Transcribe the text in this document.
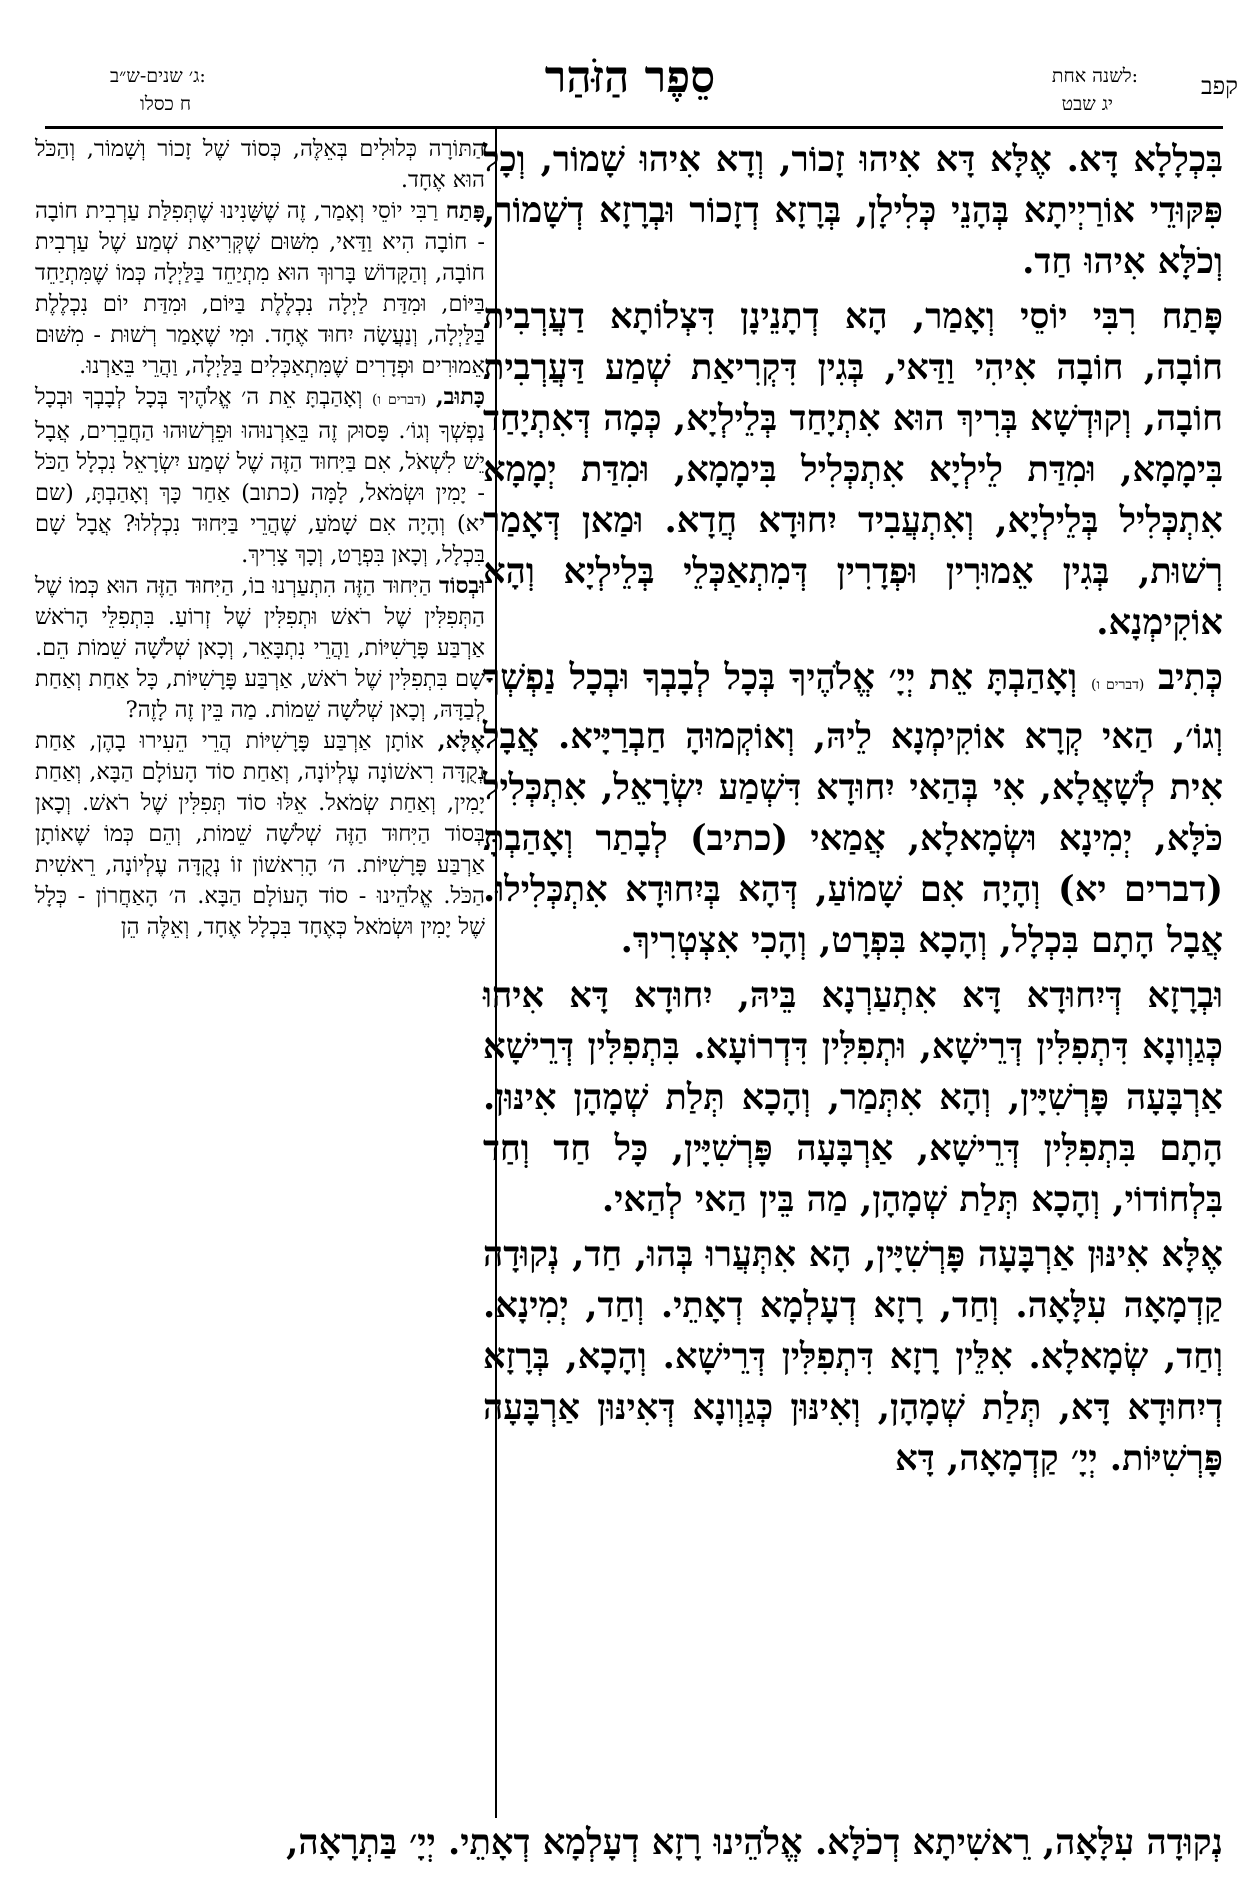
קפב
לשנה אחת:
יג שבט
סֵפֶר הַזֹּהַר
ג׳ שנים-ש״ב:
ח כסלו

בִּכְלָלָא דָּא. אֶלָּא דָּא אִיהוּ זָכוֹר, וְדָא אִיהוּ שָׁמוֹר, וְכָל פִּקּוּדֵי אוֹרַיְיתָא בְּהָנֵי כְּלִילָן, בְּרָזָא דְזָכוֹר וּבְרָזָא דְשָׁמוֹר, וְכֹלָּא אִיהוּ חַד.

פָּתַח רִבִּי יוֹסֵי וְאָמַר, הָא דְתָנֵינָן דִּצְלוֹתָא דַעֲרְבִית חוֹבָה, חוֹבָה אִיהִי וַדַּאי, בְּגִין דִּקְרִיאַת שְׁמַע דַּעֲרְבִית חוֹבָה, וְקוּדְשָׁא בְּרִיךְ הוּא אִתְיָחַד בְּלֵילְיָא, כְּמָה דְּאִתְיָחַד בִּימָמָא, וּמִדַּת לֵילְיָא אִתְכְּלִיל בִּימָמָא, וּמִדַּת יְמָמָא אִתְכְּלִיל בְּלֵילְיָא, וְאִתְעֲבִיד יִחוּדָא חֲדָא. וּמַאן דְּאָמַר רְשׁוּת, בְּגִין אֵמוּרִין וּפְדָרִין דְּמִתְאַכְּלֵי בְּלֵילְיָא וְהָא אוֹקִימְנָא.

כְּתִיב (דברים ו) וְאָהַבְתָּ אֵת יְיָ׳ אֱלֹהֶיךָ בְּכָל לְבָבְךָ וּבְכָל נַפְשְׁךָ וְגוֹ׳, הַאי קְרָא אוֹקִימְנָא לֵיהּ, וְאוֹקְמוּהָ חַבְרַיָּיא. אֲבָל אִית לְשָׁאֲלָא, אִי בְּהַאי יִחוּדָא דִּשְׁמַע יִשְׂרָאֵל, אִתְכְּלִיל כֹּלָּא, יְמִינָא וּשְׂמָאלָא, אֲמַאי (כתיב) לְבָתַר וְאָהַבְתָּ (דברים יא) וְהָיָה אִם שָׁמוֹעַ, דְּהָא בְּיִחוּדָא אִתְכְּלִילוּ. אֲבָל הָתָם בִּכְלָל, וְהָכָא בִּפְרָט, וְהָכִי אִצְטְרִיךְ.

וּבְרָזָא דְּיִחוּדָא דָּא אִתְעַרְנָא בֵּיהּ, יִחוּדָא דָּא אִיהוּ כְּגַוְונָא דִּתְפִלִּין דְּרֵישָׁא, וּתְפִלִּין דִּדְרוֹעָא. בִּתְפִלִּין דְּרֵישָׁא אַרְבָּעָה פָּרְשִׁיָּין, וְהָא אִתְּמַר, וְהָכָא תְּלַת שְׁמָהָן אִינּוּן. הָתָם בִּתְפִלִּין דְּרֵישָׁא, אַרְבָּעָה פָּרְשִׁיָּין, כָּל חַד וְחַד בִּלְחוֹדוֹי, וְהָכָא תְּלַת שְׁמָהָן, מַה בֵּין הַאי לְהַאי.

אֶלָּא אִינּוּן אַרְבָּעָה פָּרְשִׁיָּין, הָא אִתְּעֲרוּ בְּהוּ, חַד, נְקוּדָה קַדְמָאָה עִלָּאָה. וְחַד, רָזָא דְעָלְמָא דְאָתֵי. וְחַד, יְמִינָא. וְחַד, שְׂמָאלָא. אִלֵּין רָזָא דִּתְפִלִּין דְּרֵישָׁא. וְהָכָא, בְּרָזָא דְיִחוּדָא דָּא, תְּלַת שְׁמָהָן, וְאִינּוּן כְּגַוְונָא דְּאִינּוּן אַרְבָּעָה פָּרְשִׁיּוֹת. יְיָ׳ קַדְמָאָה, דָּא

הַתּוֹרָה כְּלוּלִים בְּאֵלֶּה, כְּסוֹד שֶׁל זָכוֹר וְשָׁמוֹר, וְהַכֹּל הוּא אֶחָד.

פָּתַח רַבִּי יוֹסֵי וְאָמַר, זֶה שֶׁשָּׁנִינוּ שֶׁתְּפִלַּת עַרְבִית חוֹבָה - חוֹבָה הִיא וַדַּאי, מִשּׁוּם שֶׁקְּרִיאַת שְׁמַע שֶׁל עַרְבִית חוֹבָה, וְהַקָּדוֹשׁ בָּרוּךְ הוּא מִתְיַחֵד בַּלַּיְלָה כְּמוֹ שֶׁמִּתְיַחֵד בַּיּוֹם, וּמִדַּת לַיְלָה נִכְלֶלֶת בַּיּוֹם, וּמִדַּת יוֹם נִכְלֶלֶת בַּלַּיְלָה, וְנַעֲשָׂה יִחוּד אֶחָד. וּמִי שֶׁאָמַר רְשׁוּת - מִשּׁוּם אֵמוּרִים וּפְדָרִים שֶׁמִּתְאַכְּלִים בַּלַּיְלָה, וַהֲרֵי בֵּאַרְנוּ.

כָּתוּב, (דברים ו) וְאָהַבְתָּ אֵת ה׳ אֱלֹהֶיךָ בְּכָל לְבָבְךָ וּבְכָל נַפְשְׁךָ וְגוֹ׳. פָּסוּק זֶה בֵּאַרְנוּהוּ וּפֵרְשׁוּהוּ הַחֲבֵרִים, אֲבָל יֵשׁ לִשְׁאֹל, אִם בַּיִּחוּד הַזֶּה שֶׁל שְׁמַע יִשְׂרָאֵל נִכְלָל הַכֹּל - יָמִין וּשְׂמֹאל, לָמָּה (כתוב) אַחַר כָּךְ וְאָהַבְתָּ, (שם יא) וְהָיָה אִם שָׁמֹעַ, שֶׁהֲרֵי בַּיִּחוּד נִכְלְלוּ? אֲבָל שָׁם בִּכְלָל, וְכָאן בִּפְרָט, וְכָךְ צָרִיךְ.

וּבְסוֹד הַיִּחוּד הַזֶּה הִתְעַרְנוּ בוֹ, הַיִּחוּד הַזֶּה הוּא כְּמוֹ שֶׁל הַתְּפִלִּין שֶׁל רֹאשׁ וּתְפִלִּין שֶׁל זְרוֹעַ. בִּתְפִלֵּי הָרֹאשׁ אַרְבַּע פָּרָשִׁיּוֹת, וַהֲרֵי נִתְבָּאֵר, וְכָאן שְׁלֹשָׁה שֵׁמוֹת הֵם. שָׁם בִּתְפִלִּין שֶׁל רֹאשׁ, אַרְבַּע פָּרָשִׁיּוֹת, כָּל אַחַת וְאַחַת לְבַדָּהּ, וְכָאן שְׁלֹשָׁה שֵׁמוֹת. מַה בֵּין זֶה לָזֶה?

אֶלָּא, אוֹתָן אַרְבַּע פָּרָשִׁיּוֹת הֲרֵי הֵעִירוּ בָהֶן, אַחַת נְקֻדָּה רִאשׁוֹנָה עֶלְיוֹנָה, וְאַחַת סוֹד הָעוֹלָם הַבָּא, וְאַחַת יָמִין, וְאַחַת שְׂמֹאל. אֵלּוּ סוֹד תְּפִלִּין שֶׁל רֹאשׁ. וְכָאן בְּסוֹד הַיִּחוּד הַזֶּה שְׁלֹשָׁה שֵׁמוֹת, וְהֵם כְּמוֹ שֶׁאוֹתָן אַרְבַּע פָּרָשִׁיּוֹת. ה׳ הָרִאשׁוֹן זוֹ נְקֻדָּה עֶלְיוֹנָה, רֵאשִׁית הַכֹּל. אֱלֹהֵינוּ - סוֹד הָעוֹלָם הַבָּא. ה׳ הָאַחֲרוֹן - כְּלָל שֶׁל יָמִין וּשְׂמֹאל כְּאֶחָד בִּכְלָל אֶחָד, וְאֵלֶּה הֵן

נְקוּדָה עִלָּאָה, רֵאשִׁיתָא דְכֹלָּא. אֱלֹהֵינוּ רָזָא דְעָלְמָא דְאָתֵי. יְיָ׳ בַּתְרָאָה,
